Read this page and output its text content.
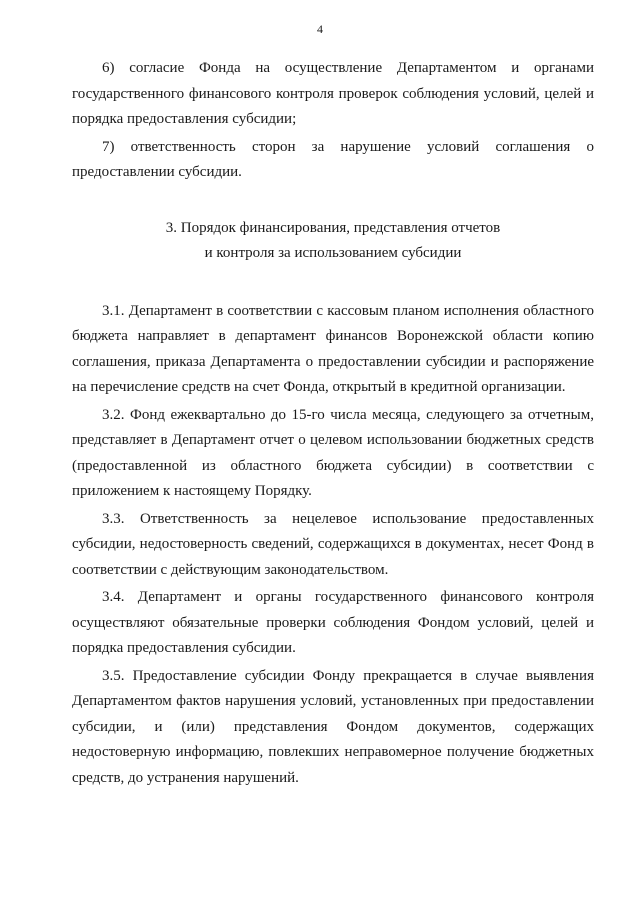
4

6) согласие Фонда на осуществление Департаментом и органами государственного финансового контроля проверок соблюдения условий, целей и порядка предоставления субсидии;

7) ответственность сторон за нарушение условий соглашения о предоставлении субсидии.

3. Порядок финансирования, представления отчетов
и контроля за использованием субсидии

3.1. Департамент в соответствии с кассовым планом исполнения областного бюджета направляет в департамент финансов Воронежской области копию соглашения, приказа Департамента о предоставлении субсидии и распоряжение на перечисление средств на счет Фонда, открытый в кредитной организации.

3.2. Фонд ежеквартально до 15-го числа месяца, следующего за отчетным, представляет в Департамент отчет о целевом использовании бюджетных средств (предоставленной из областного бюджета субсидии) в соответствии с приложением к настоящему Порядку.

3.3. Ответственность за нецелевое использование предоставленных субсидии, недостоверность сведений, содержащихся в документах, несет Фонд в соответствии с действующим законодательством.

3.4. Департамент и органы государственного финансового контроля осуществляют обязательные проверки соблюдения Фондом условий, целей и порядка предоставления субсидии.

3.5. Предоставление субсидии Фонду прекращается в случае выявления Департаментом фактов нарушения условий, установленных при предоставлении субсидии, и (или) представления Фондом документов, содержащих недостоверную информацию, повлекших неправомерное получение бюджетных средств, до устранения нарушений.
